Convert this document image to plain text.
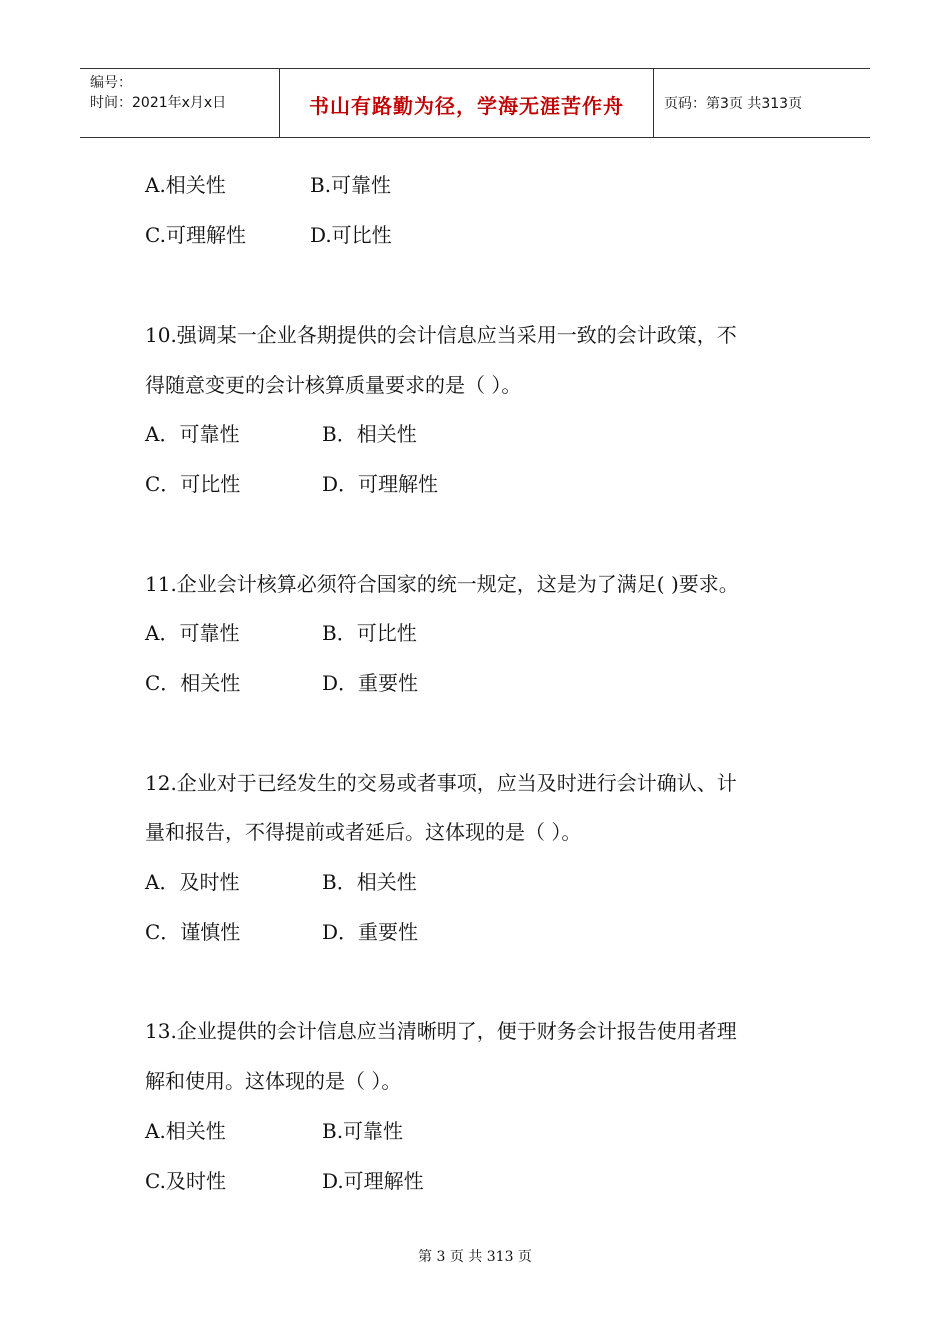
编号：
时间：2021年x月x日	书山有路勤为径，学海无涯苦作舟	页码：第3页 共313页
A.相关性	B.可靠性
C.可理解性	D.可比性
10.强调某一企业各期提供的会计信息应当采用一致的会计政策，不
得随意变更的会计核算质量要求的是（ ）。
A．可靠性	B．相关性
C．可比性	D．可理解性
11.企业会计核算必须符合国家的统一规定，这是为了满足( )要求。
A．可靠性	B．可比性
C．相关性	D．重要性
12.企业对于已经发生的交易或者事项，应当及时进行会计确认、计
量和报告，不得提前或者延后。这体现的是（ ）。
A．及时性	B．相关性
C．谨慎性	D．重要性
13.企业提供的会计信息应当清晰明了，便于财务会计报告使用者理
解和使用。这体现的是（ ）。
A.相关性	B.可靠性
C.及时性	D.可理解性
第 3 页 共 313 页
